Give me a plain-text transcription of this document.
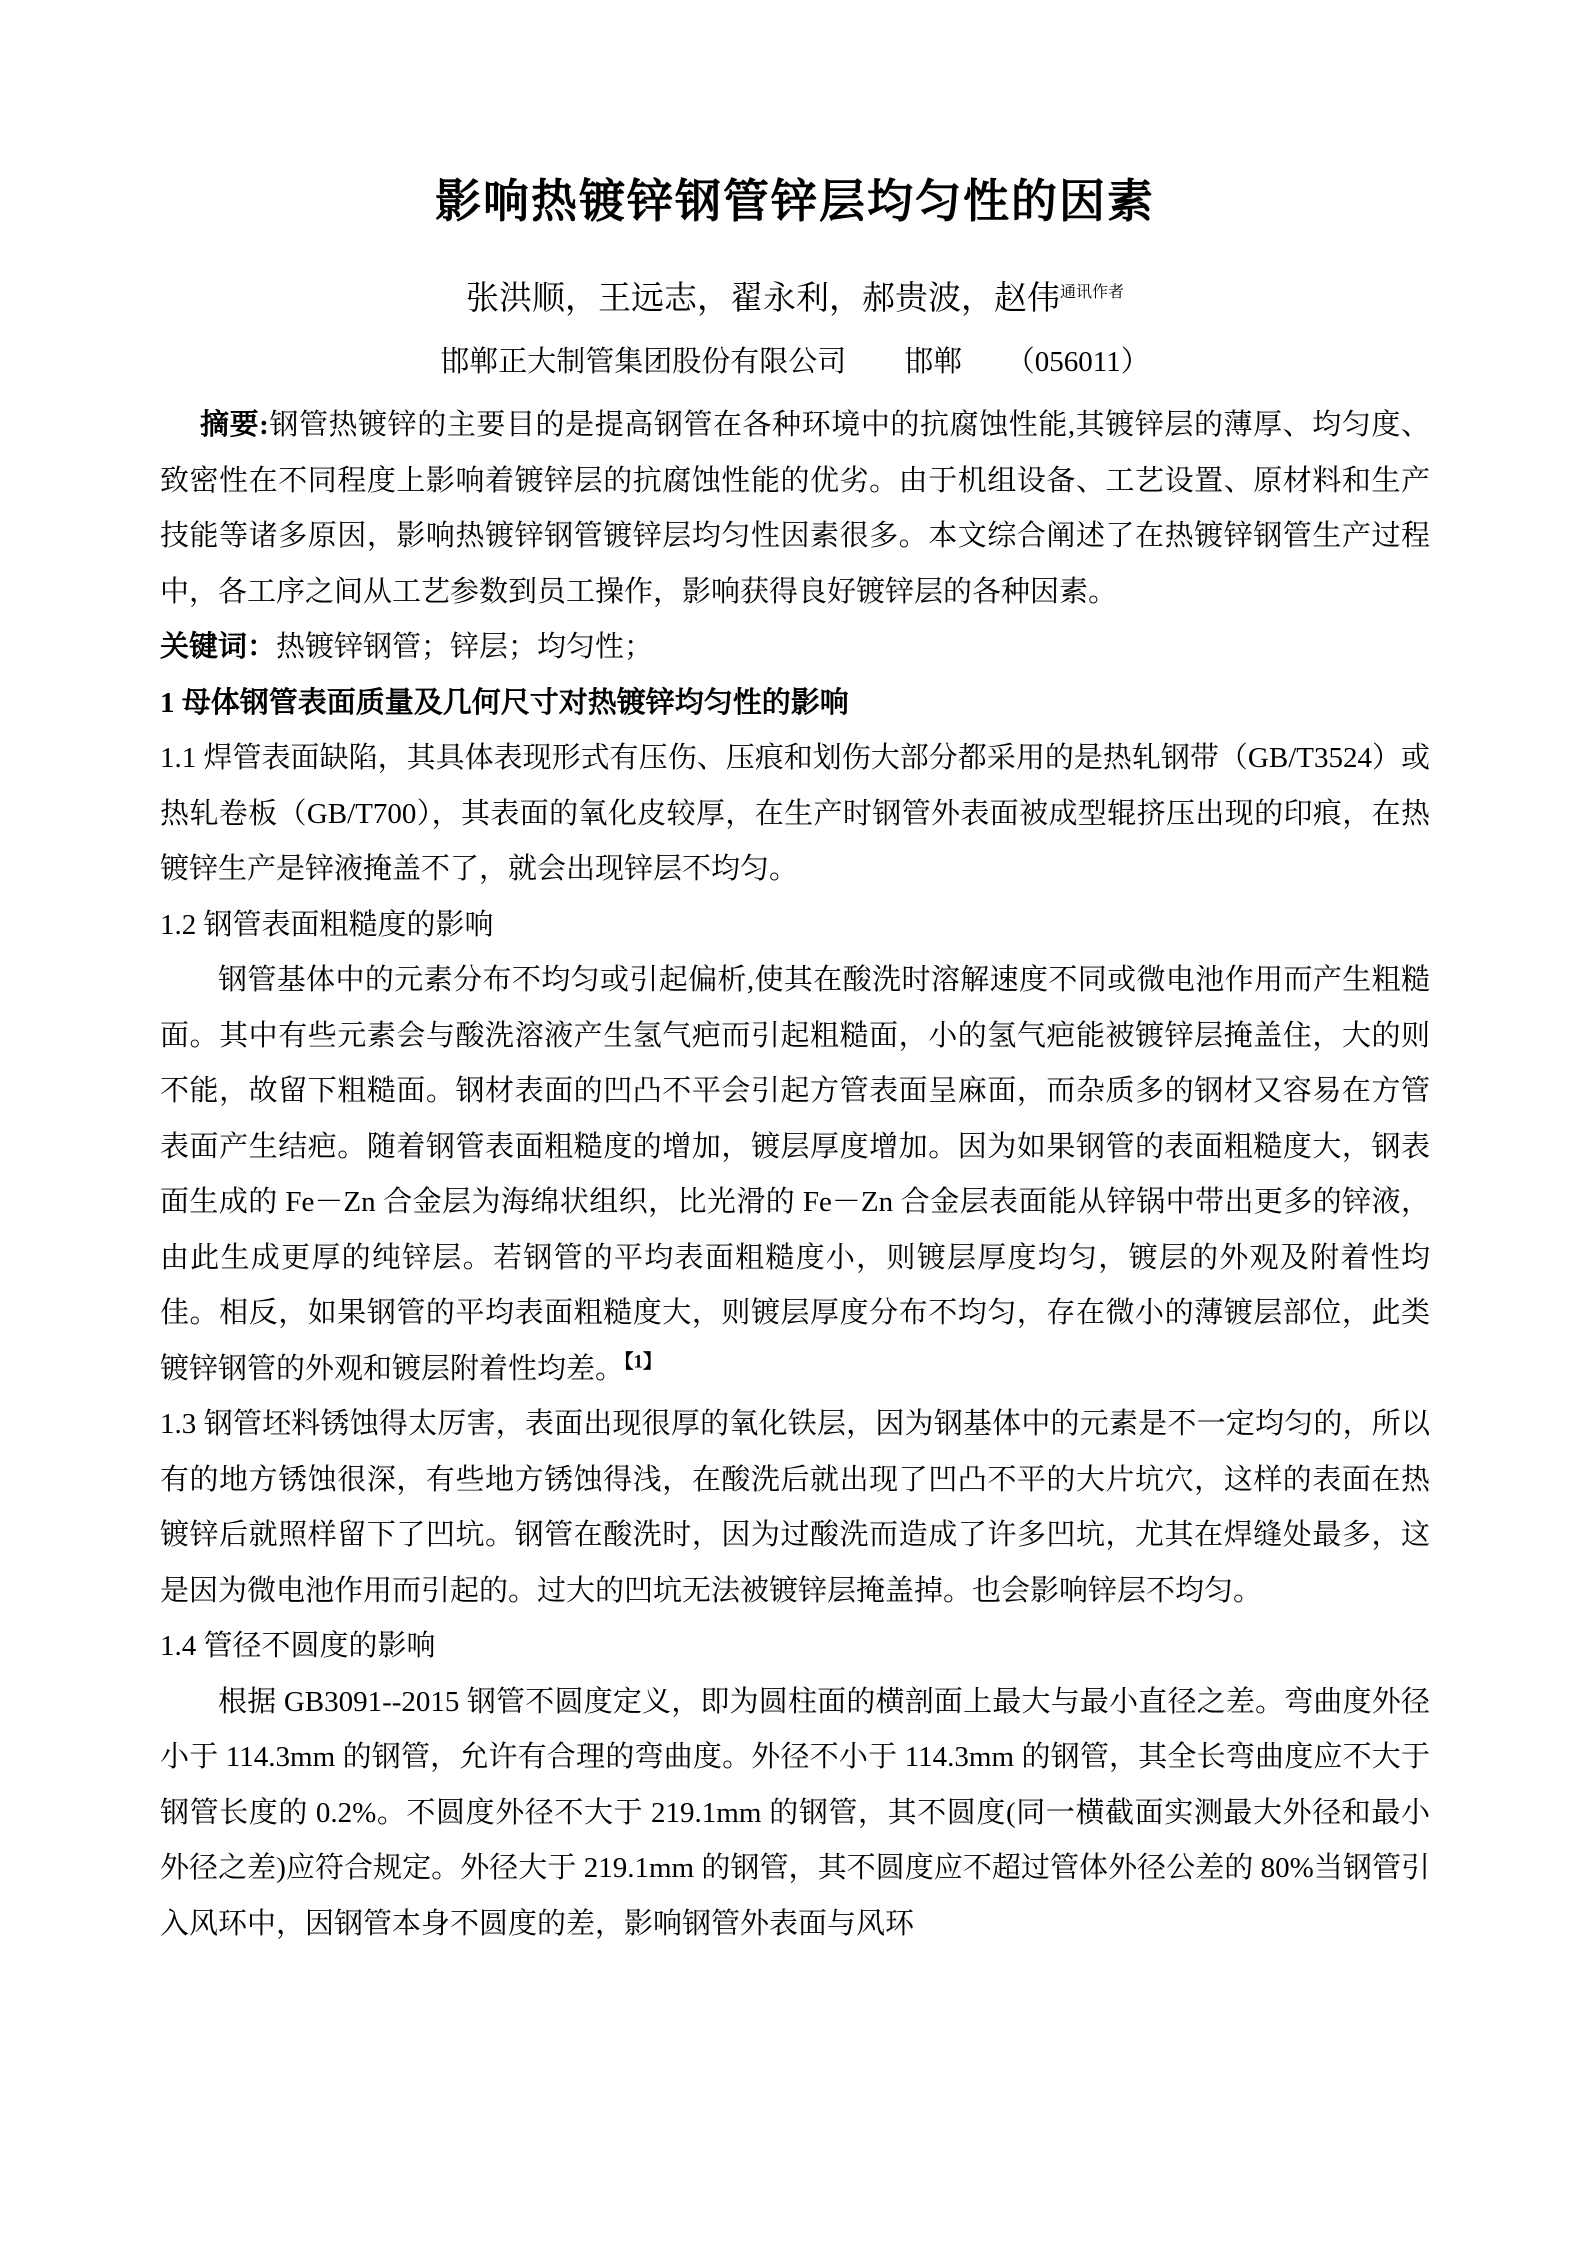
影响热镀锌钢管锌层均匀性的因素
张洪顺，王远志，翟永利，郝贵波，赵伟$^{通讯作者}$
邯郸正大制管集团股份有限公司　　邯郸　　（056011）

摘要:钢管热镀锌的主要目的是提高钢管在各种环境中的抗腐蚀性能,其镀锌层的薄厚、均匀度、致密性在不同程度上影响着镀锌层的抗腐蚀性能的优劣。由于机组设备、工艺设置、原材料和生产技能等诸多原因，影响热镀锌钢管镀锌层均匀性因素很多。本文综合阐述了在热镀锌钢管生产过程中，各工序之间从工艺参数到员工操作，影响获得良好镀锌层的各种因素。

关键词：热镀锌钢管；锌层；均匀性；

1 母体钢管表面质量及几何尺寸对热镀锌均匀性的影响

1.1 焊管表面缺陷，其具体表现形式有压伤、压痕和划伤大部分都采用的是热轧钢带（GB/T3524）或热轧卷板（GB/T700），其表面的氧化皮较厚，在生产时钢管外表面被成型辊挤压出现的印痕，在热镀锌生产是锌液掩盖不了，就会出现锌层不均匀。

1.2 钢管表面粗糙度的影响

钢管基体中的元素分布不均匀或引起偏析,使其在酸洗时溶解速度不同或微电池作用而产生粗糙面。其中有些元素会与酸洗溶液产生氢气疤而引起粗糙面，小的氢气疤能被镀锌层掩盖住，大的则不能，故留下粗糙面。钢材表面的凹凸不平会引起方管表面呈麻面，而杂质多的钢材又容易在方管表面产生结疤。随着钢管表面粗糙度的增加，镀层厚度增加。因为如果钢管的表面粗糙度大，钢表面生成的 Fe－Zn 合金层为海绵状组织，比光滑的 Fe－Zn 合金层表面能从锌锅中带出更多的锌液，由此生成更厚的纯锌层。若钢管的平均表面粗糙度小，则镀层厚度均匀，镀层的外观及附着性均佳。相反，如果钢管的平均表面粗糙度大，则镀层厚度分布不均匀，存在微小的薄镀层部位，此类镀锌钢管的外观和镀层附着性均差。$^{【1】}$

1.3 钢管坯料锈蚀得太厉害，表面出现很厚的氧化铁层，因为钢基体中的元素是不一定均匀的，所以有的地方锈蚀很深，有些地方锈蚀得浅，在酸洗后就出现了凹凸不平的大片坑穴，这样的表面在热镀锌后就照样留下了凹坑。钢管在酸洗时，因为过酸洗而造成了许多凹坑，尤其在焊缝处最多，这是因为微电池作用而引起的。过大的凹坑无法被镀锌层掩盖掉。也会影响锌层不均匀。

1.4 管径不圆度的影响

根据 GB3091--2015 钢管不圆度定义，即为圆柱面的横剖面上最大与最小直径之差。弯曲度外径小于 114.3mm 的钢管，允许有合理的弯曲度。外径不小于 114.3mm 的钢管，其全长弯曲度应不大于钢管长度的 0.2%。不圆度外径不大于 219.1mm 的钢管，其不圆度(同一横截面实测最大外径和最小外径之差)应符合规定。外径大于 219.1mm 的钢管，其不圆度应不超过管体外径公差的 80%当钢管引入风环中，因钢管本身不圆度的差，影响钢管外表面与风环
